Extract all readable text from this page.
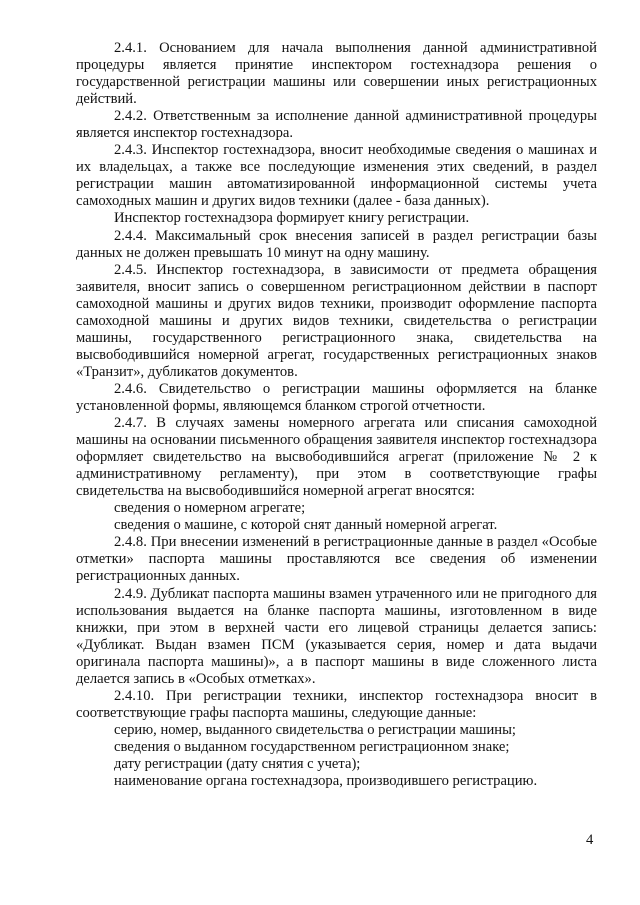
2.4.1. Основанием для начала выполнения данной административной процедуры является принятие инспектором гостехнадзора решения о государственной регистрации машины или совершении иных регистрационных действий.

2.4.2. Ответственным за исполнение данной административной процедуры является инспектор гостехнадзора.

2.4.3. Инспектор гостехнадзора, вносит необходимые сведения о машинах и их владельцах, а также все последующие изменения этих сведений, в раздел регистрации машин автоматизированной информационной системы учета самоходных машин и других видов техники (далее - база данных).

Инспектор гостехнадзора формирует книгу регистрации.

2.4.4. Максимальный срок внесения записей в раздел регистрации базы данных не должен превышать 10 минут на одну машину.

2.4.5. Инспектор гостехнадзора, в зависимости от предмета обращения заявителя, вносит запись о совершенном регистрационном действии в паспорт самоходной машины и других видов техники, производит оформление паспорта самоходной машины и других видов техники, свидетельства о регистрации машины, государственного регистрационного знака, свидетельства на высвободившийся номерной агрегат, государственных регистрационных знаков «Транзит», дубликатов документов.

2.4.6. Свидетельство о регистрации машины оформляется на бланке установленной формы, являющемся бланком строгой отчетности.

2.4.7. В случаях замены номерного агрегата или списания самоходной машины на основании письменного обращения заявителя инспектор гостехнадзора оформляет свидетельство на высвободившийся агрегат (приложение № 2 к административному регламенту), при этом в соответствующие графы свидетельства на высвободившийся номерной агрегат вносятся:

сведения о номерном агрегате;

сведения о машине, с которой снят данный номерной агрегат.

2.4.8. При внесении изменений в регистрационные данные в раздел «Особые отметки» паспорта машины проставляются все сведения об изменении регистрационных данных.

2.4.9. Дубликат паспорта машины взамен утраченного или не пригодного для использования выдается на бланке паспорта машины, изготовленном в виде книжки, при этом в верхней части его лицевой страницы делается запись: «Дубликат. Выдан взамен ПСМ (указывается серия, номер и дата выдачи оригинала паспорта машины)», а в паспорт машины в виде сложенного листа делается запись в «Особых отметках».

2.4.10. При регистрации техники, инспектор гостехнадзора вносит в соответствующие графы паспорта машины, следующие данные:

серию, номер, выданного свидетельства о регистрации машины;

сведения о выданном государственном регистрационном знаке;

дату регистрации (дату снятия с учета);

наименование органа гостехнадзора, производившего регистрацию.

4
